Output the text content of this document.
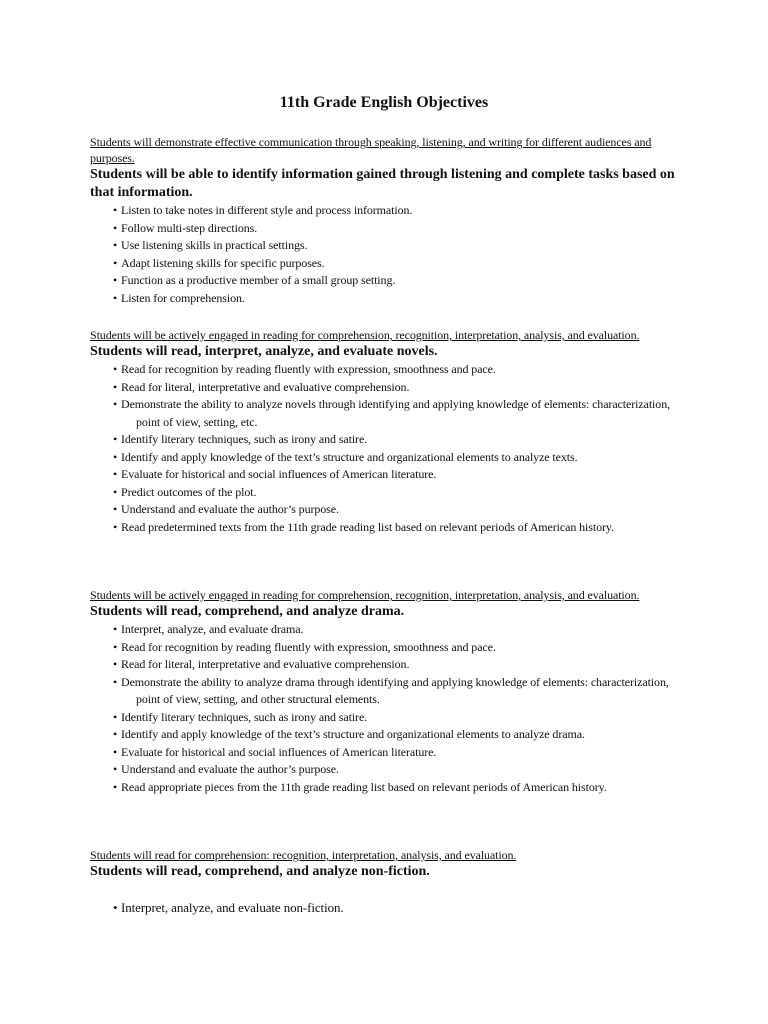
11th Grade English Objectives

Students will demonstrate effective communication through speaking, listening, and writing for different audiences and purposes.

Students will be able to identify information gained through listening and complete tasks based on that information.

• Listen to take notes in different style and process information.
• Follow multi-step directions.
• Use listening skills in practical settings.
• Adapt listening skills for specific purposes.
• Function as a productive member of a small group setting.
• Listen for comprehension.

Students will be actively engaged in reading for comprehension, recognition, interpretation, analysis, and evaluation.

Students will read, interpret, analyze, and evaluate novels.

• Read for recognition by reading fluently with expression, smoothness and pace.
• Read for literal, interpretative and evaluative comprehension.
• Demonstrate the ability to analyze novels through identifying and applying knowledge of elements: characterization, point of view, setting, etc.
• Identify literary techniques, such as irony and satire.
• Identify and apply knowledge of the text’s structure and organizational elements to analyze texts.
• Evaluate for historical and social influences of American literature.
• Predict outcomes of the plot.
• Understand and evaluate the author’s purpose.
• Read predetermined texts from the 11th grade reading list based on relevant periods of American history.

Students will be actively engaged in reading for comprehension, recognition, interpretation, analysis, and evaluation.

Students will read, comprehend, and analyze drama.

• Interpret, analyze, and evaluate drama.
• Read for recognition by reading fluently with expression, smoothness and pace.
• Read for literal, interpretative and evaluative comprehension.
• Demonstrate the ability to analyze drama through identifying and applying knowledge of elements: characterization, point of view, setting, and other structural elements.
• Identify literary techniques, such as irony and satire.
• Identify and apply knowledge of the text’s structure and organizational elements to analyze drama.
• Evaluate for historical and social influences of American literature.
• Understand and evaluate the author’s purpose.
• Read appropriate pieces from the 11th grade reading list based on relevant periods of American history.

Students will read for comprehension: recognition, interpretation, analysis, and evaluation.

Students will read, comprehend, and analyze non-fiction.

• Interpret, analyze, and evaluate non-fiction.
